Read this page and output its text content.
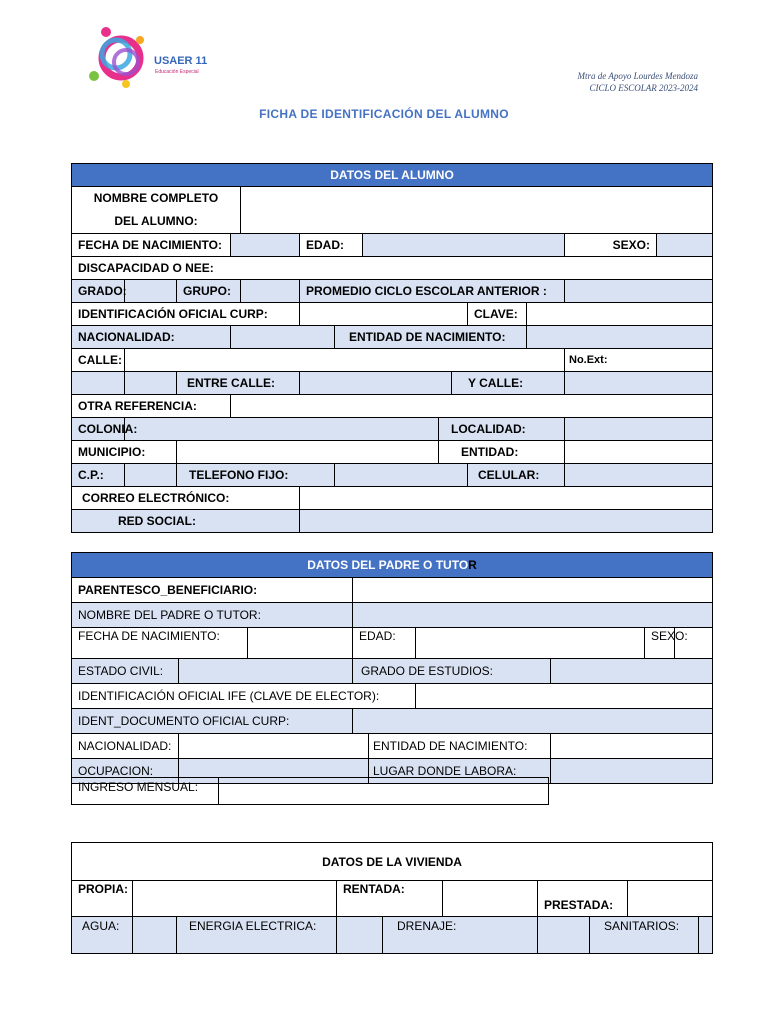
USAER 11
Educación Especial	Mtra de Apoyo Lourdes Mendoza
CICLO ESCOLAR 2023-2024
FICHA DE IDENTIFICACIÓN DEL ALUMNO
DATOS DEL ALUMNO													

NOMBRE COMPLETO
DEL ALUMNO:													

FECHA DE NACIMIENTO:					EDAD:							SEXO:	
DISCAPACIDAD O NEE:													
GRADO:		GRUPO:			PROMEDIO CICLO ESCOLAR ANTERIOR :								
IDENTIFICACIÓN OFICIAL CURP:										CLAVE:			
NACIONALIDAD:						ENTIDAD DE NACIMIENTO:							
CALLE:												No.Ext:	
		ENTRE CALLE:							Y CALLE:				
OTRA REFERENCIA:													
COLONIA:								LOCALIDAD:					
MUNICIPIO:								ENTIDAD:					
C.P.:		TELEFONO FIJO:								CELULAR:			
CORREO ELECTRÓNICO:													
RED SOCIAL:													
DATOS DEL PADRE O TUTOR								
PARENTESCO_BENEFICIARIO:								
NOMBRE DEL PADRE O TUTOR:								
FECHA DE NACIMIENTO:			EDAD:				SEXO:	
ESTADO CIVIL:			GRADO DE ESTUDIOS:					
IDENTIFICACIÓN OFICIAL IFE (CLAVE DE ELECTOR):								
IDENT_DOCUMENTO OFICIAL CURP:								
NACIONALIDAD:				ENTIDAD DE NACIMIENTO:				
OCUPACION:				LUGAR DONDE LABORA:				
INGRESO MENSUAL:	
DATOS DE LA VIVIENDA									
PROPIA:			RENTADA:			PRESTADA:			
AGUA:		ENERGIA ELECTRICA:		DRENAJE:			SANITARIOS:		
